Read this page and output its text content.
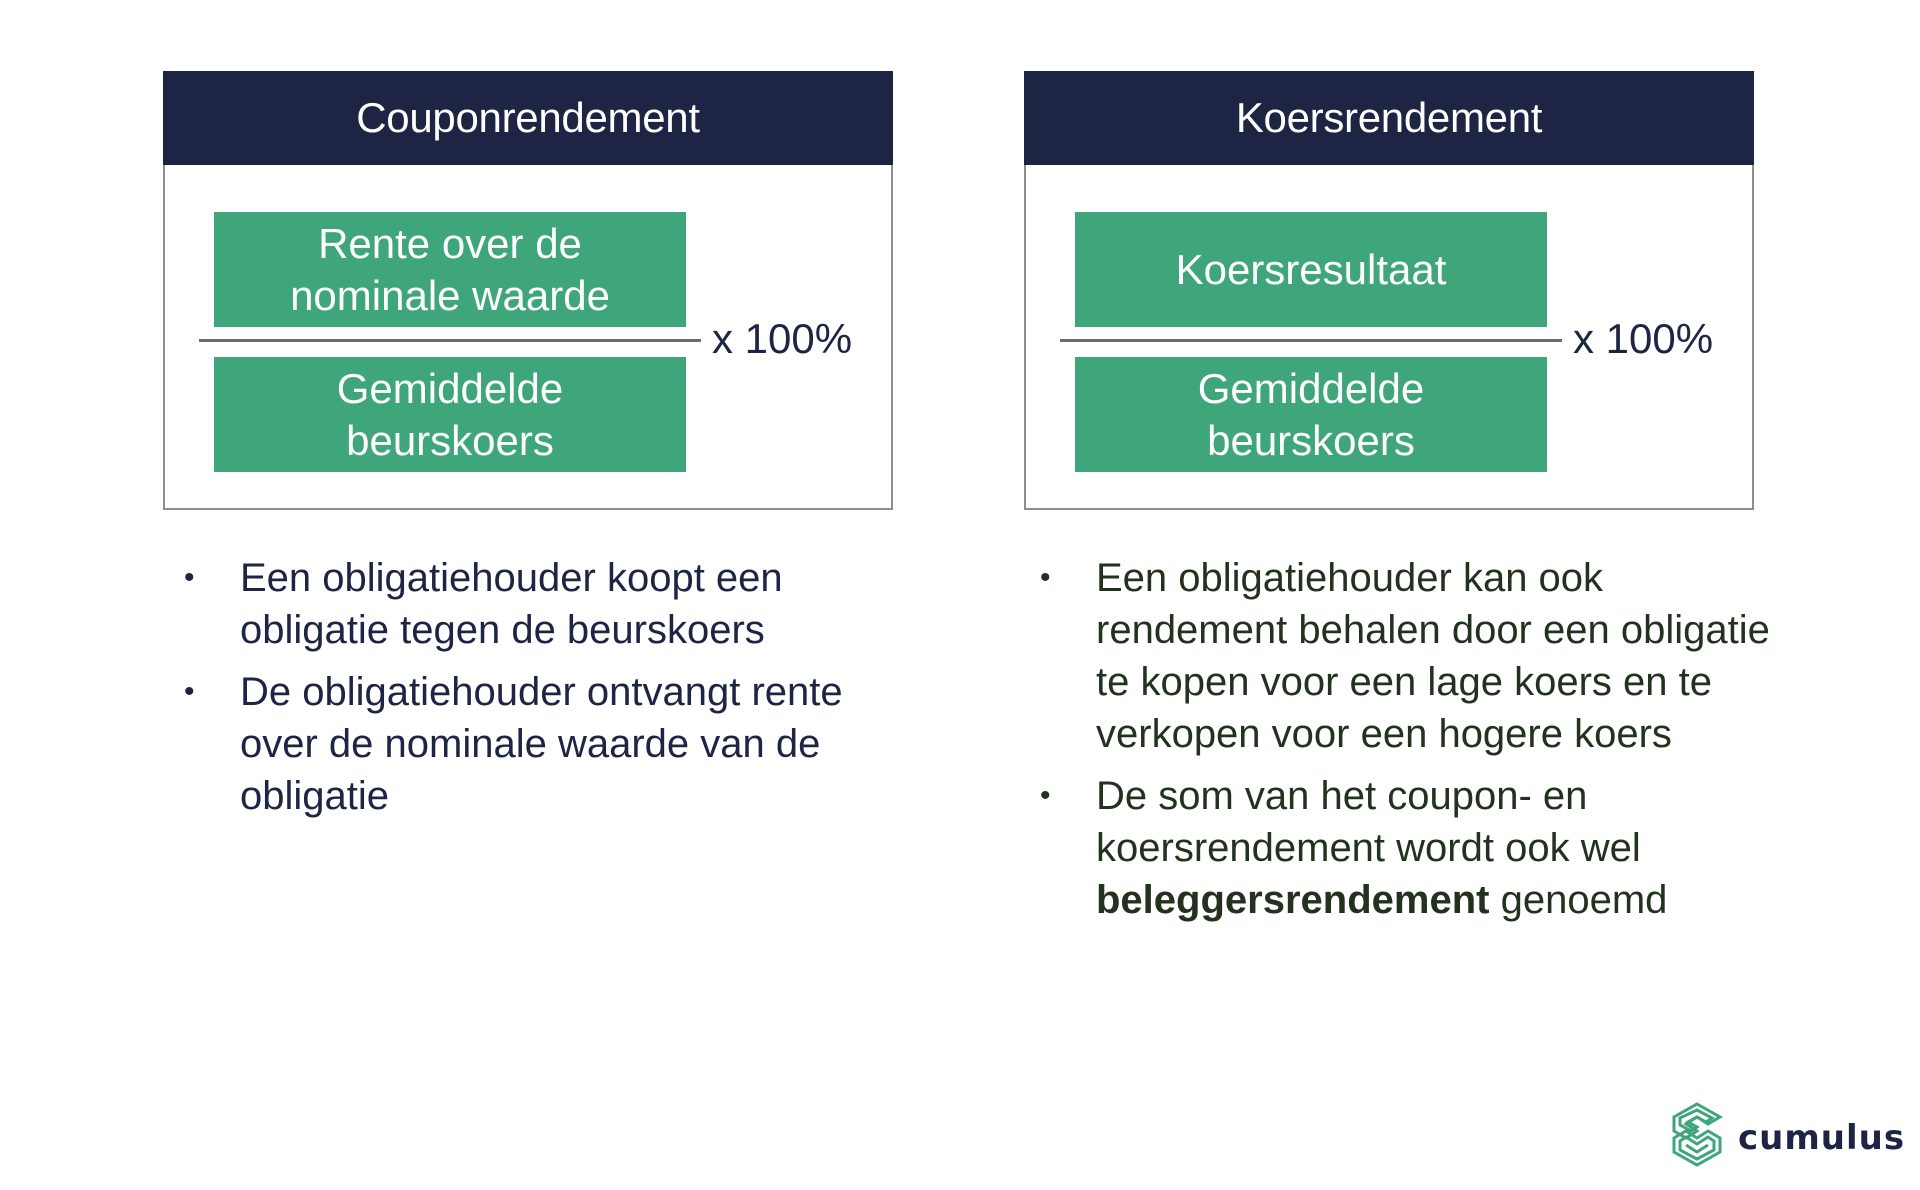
Couponrendement
Rente over de nominale waarde
Gemiddelde beurskoers
x 100%
Koersrendement
Koersresultaat
Gemiddelde beurskoers
x 100%
• Een obligatiehouder koopt een obligatie tegen de beurskoers
• De obligatiehouder ontvangt rente over de nominale waarde van de obligatie
• Een obligatiehouder kan ook rendement behalen door een obligatie te kopen voor een lage koers en te verkopen voor een hogere koers
• De som van het coupon- en koersrendement wordt ook wel beleggersrendement genoemd
cumulus
